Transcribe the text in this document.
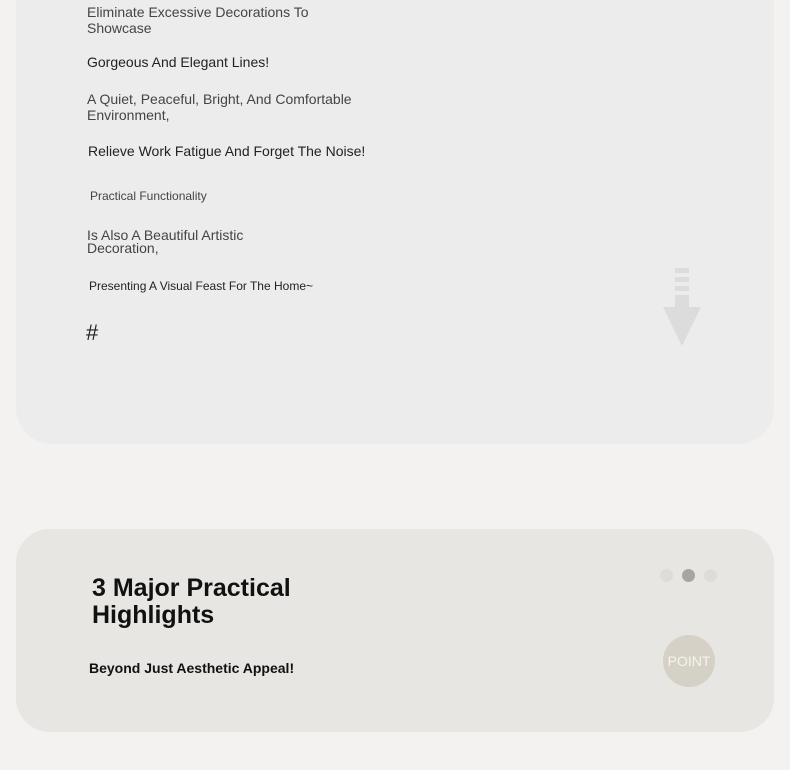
Eliminate Excessive Decorations To Showcase
Gorgeous And Elegant Lines!
A Quiet, Peaceful, Bright, And Comfortable Environment,
Relieve Work Fatigue And Forget The Noise!
Practical Functionality
Is Also A Beautiful Artistic Decoration,
Presenting A Visual Feast For The Home~
#
3 Major Practical Highlights
Beyond Just Aesthetic Appeal!	POINT
